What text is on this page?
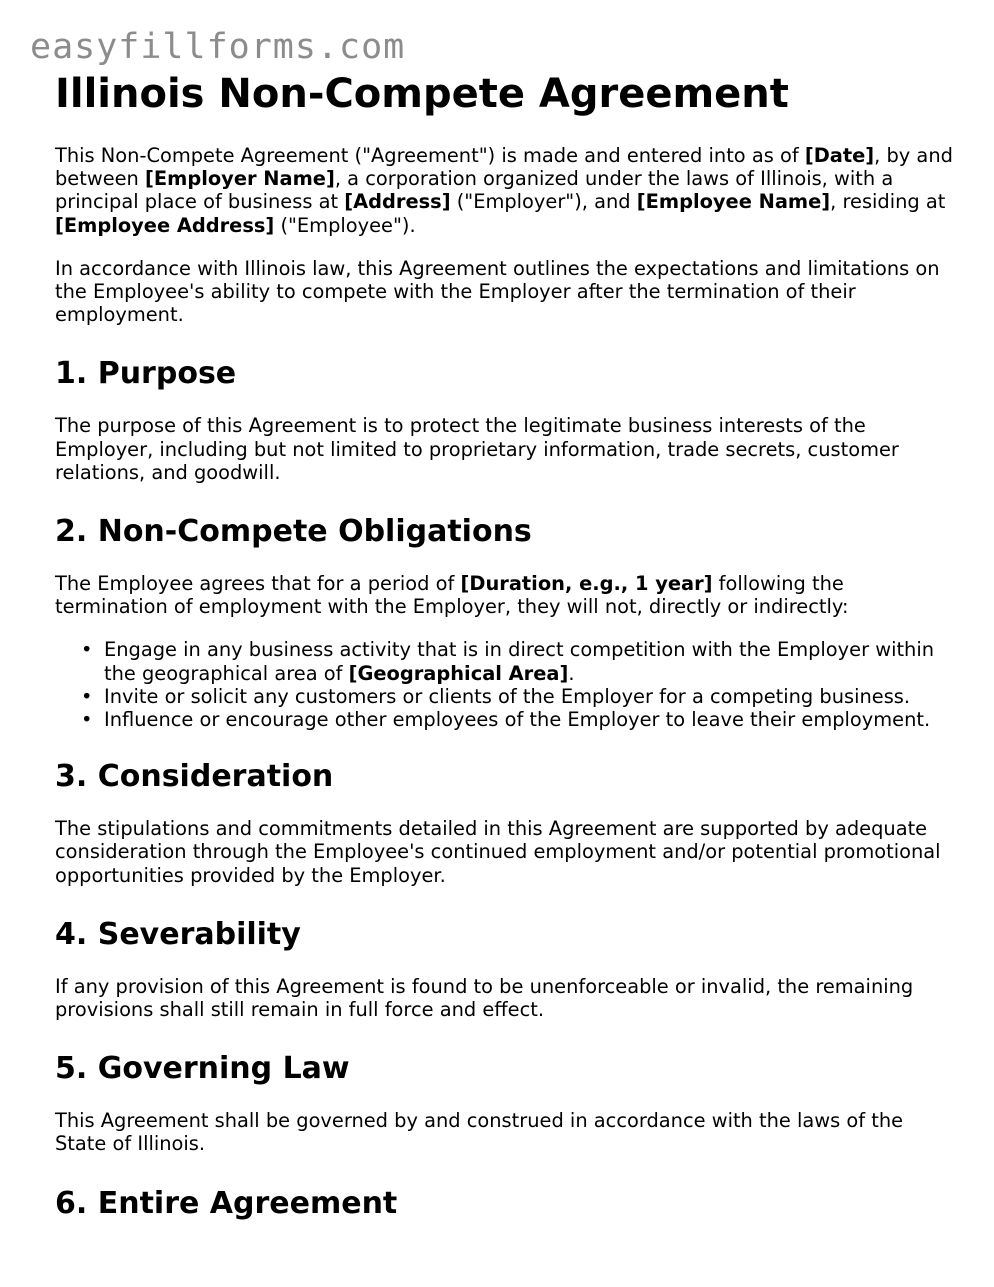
easyfillforms.com
Illinois Non-Compete Agreement

This Non-Compete Agreement ("Agreement") is made and entered into as of [Date], by and between [Employer Name], a corporation organized under the laws of Illinois, with a principal place of business at [Address] ("Employer"), and [Employee Name], residing at [Employee Address] ("Employee").

In accordance with Illinois law, this Agreement outlines the expectations and limitations on the Employee's ability to compete with the Employer after the termination of their employment.

1. Purpose

The purpose of this Agreement is to protect the legitimate business interests of the Employer, including but not limited to proprietary information, trade secrets, customer relations, and goodwill.

2. Non-Compete Obligations

The Employee agrees that for a period of [Duration, e.g., 1 year] following the termination of employment with the Employer, they will not, directly or indirectly:

• Engage in any business activity that is in direct competition with the Employer within the geographical area of [Geographical Area].
• Invite or solicit any customers or clients of the Employer for a competing business.
• Influence or encourage other employees of the Employer to leave their employment.
3. Consideration

The stipulations and commitments detailed in this Agreement are supported by adequate consideration through the Employee's continued employment and/or potential promotional opportunities provided by the Employer.

4. Severability

If any provision of this Agreement is found to be unenforceable or invalid, the remaining provisions shall still remain in full force and effect.

5. Governing Law

This Agreement shall be governed by and construed in accordance with the laws of the State of Illinois.

6. Entire Agreement
